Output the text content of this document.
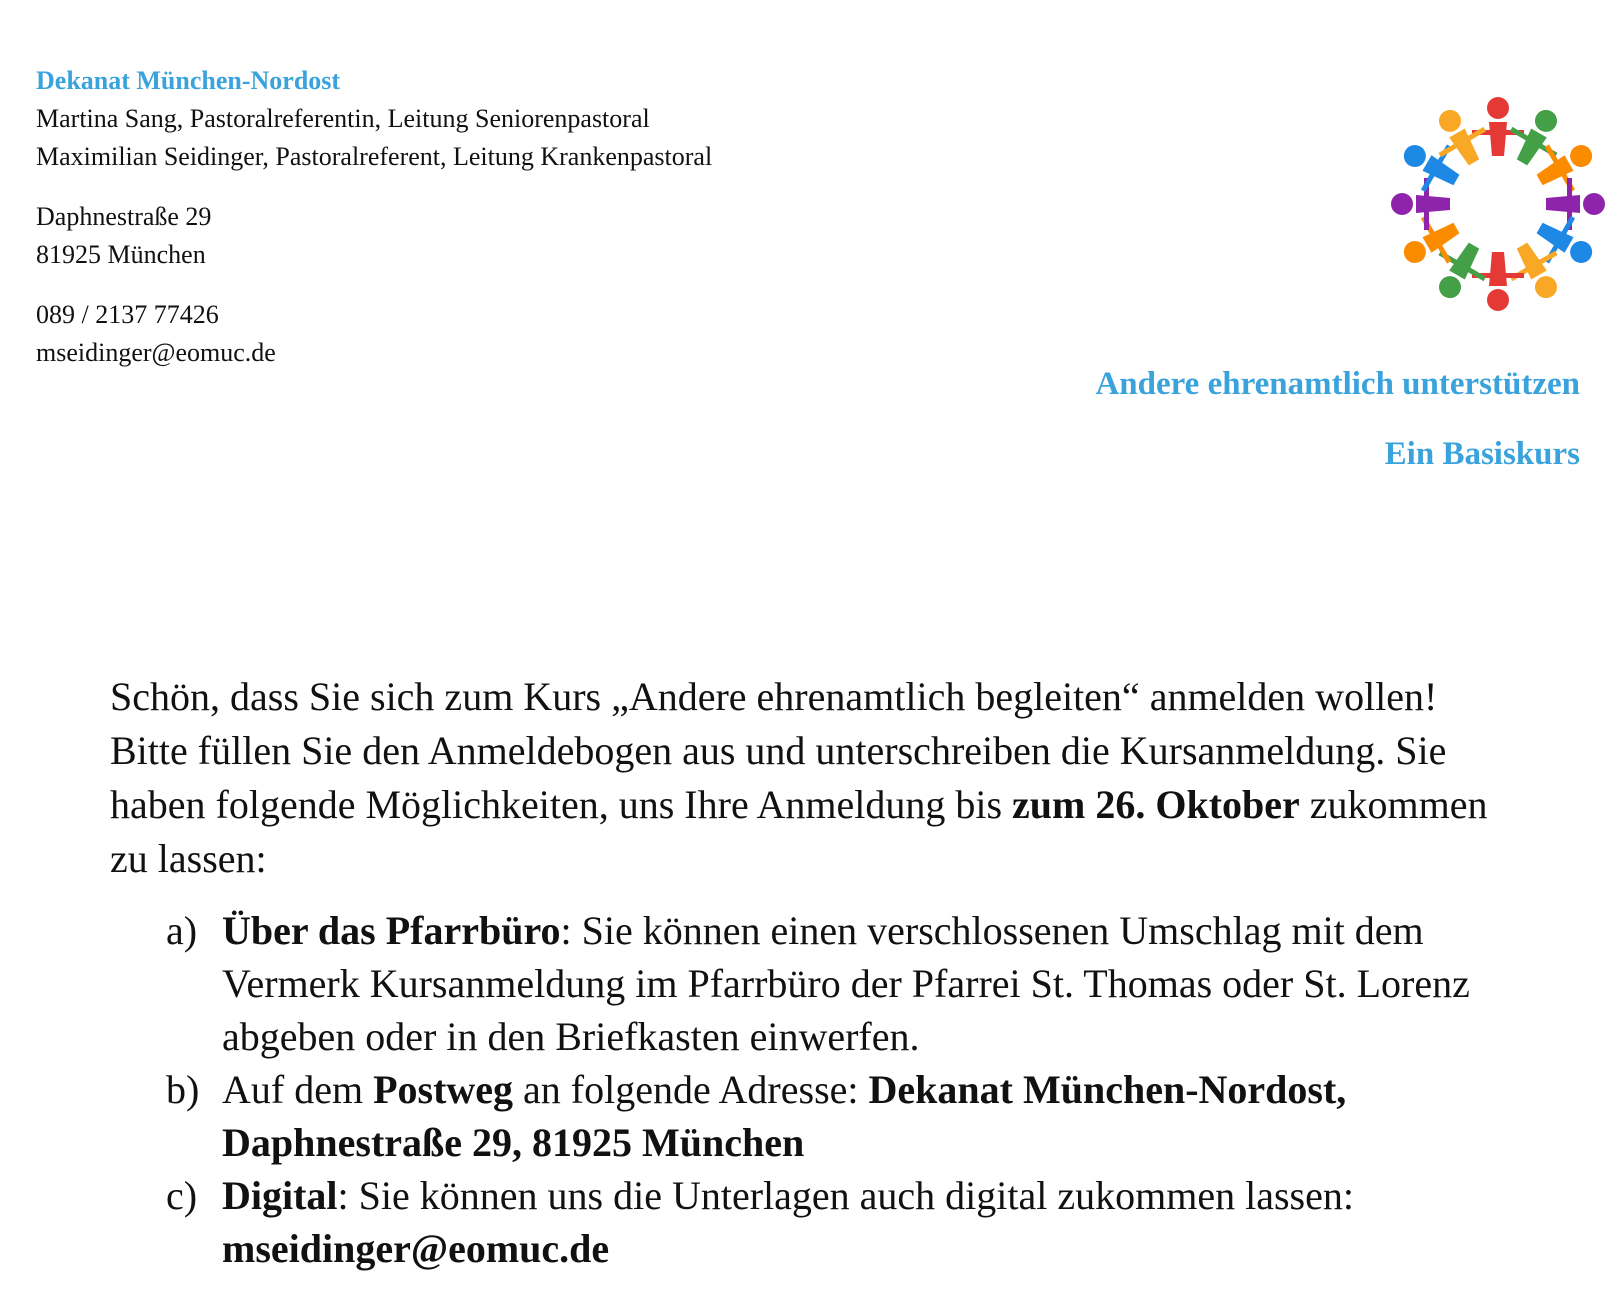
Dekanat München-Nordost
Martina Sang, Pastoralreferentin, Leitung Seniorenpastoral
Maximilian Seidinger, Pastoralreferent, Leitung Krankenpastoral
Daphnestraße 29
81925 München
089 / 2137 77426
mseidinger@eomuc.de
Andere ehrenamtlich unterstützen
Ein Basiskurs
Schön, dass Sie sich zum Kurs „Andere ehrenamtlich begleiten“ anmelden wollen! Bitte füllen Sie den Anmeldebogen aus und unterschreiben die Kursanmeldung. Sie haben folgende Möglichkeiten, uns Ihre Anmeldung bis zum 26. Oktober zukommen zu lassen:
a) Über das Pfarrbüro: Sie können einen verschlossenen Umschlag mit dem Vermerk Kursanmeldung im Pfarrbüro der Pfarrei St. Thomas oder St. Lorenz abgeben oder in den Briefkasten einwerfen.
b) Auf dem Postweg an folgende Adresse: Dekanat München-Nordost, Daphnestraße 29, 81925 München
c) Digital: Sie können uns die Unterlagen auch digital zukommen lassen: mseidinger@eomuc.de
